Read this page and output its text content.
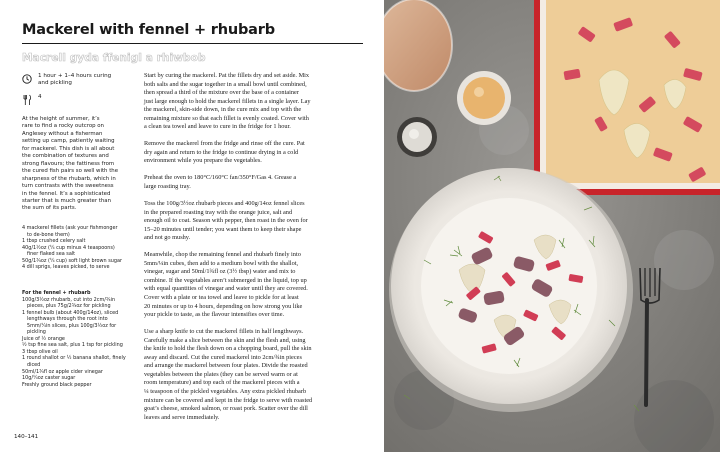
Mackerel with fennel + rhubarb
Macrell gyda ffenigl a rhiwbob
1 hour + 1–4 hours curing
and pickling
4
At the height of summer, it’s
rare to find a rocky outcrop on
Anglesey without a fisherman
setting up camp, patiently waiting
for mackerel. This dish is all about
the combination of textures and
strong flavours; the fattiness from
the cured fish pairs so well with the
sharpness of the rhubarb, which in
turn contrasts with the sweetness
in the fennel. It’s a sophisticated
starter that is much greater than
the sum of its parts.
4 mackerel fillets (ask your fishmonger
to de-bone them)
1 tbsp crushed celery salt
40g/1½oz (¼ cup minus 4 teaspoons)
finer flaked sea salt
50g/1¾oz (¼ cup) soft light brown sugar
4 dill sprigs, leaves picked, to serve
For the fennel + rhubarb
100g/3½oz rhubarb, cut into 2cm/¾in
pieces, plus 75g/2¾oz for pickling
1 fennel bulb (about 400g/14oz), sliced
lengthways through the root into
5mm/¼in slices, plus 100g/3½oz for
pickling
Juice of ½ orange
½ tsp fine sea salt, plus 1 tsp for pickling
3 tbsp olive oil
1 round shallot or ½ banana shallot, finely
diced
50ml/1¾fl oz apple cider vinegar
10g/¼oz caster sugar
Freshly ground black pepper

Start by curing the mackerel. Pat the fillets dry and set aside. Mix
both salts and the sugar together in a small bowl until combined,
then spread a third of the mixture over the base of a container
just large enough to hold the mackerel fillets in a single layer. Lay
the mackerel, skin-side down, in the cure mix and top with the
remaining mixture so that each fillet is evenly coated. Cover with
a clean tea towel and leave to cure in the fridge for 1 hour.

Remove the mackerel from the fridge and rinse off the cure. Pat
dry again and return to the fridge to continue drying in a cold
environment while you prepare the vegetables.

Preheat the oven to 180°C/160°C fan/350°F/Gas 4. Grease a
large roasting tray.

Toss the 100g/3½oz rhubarb pieces and 400g/14oz fennel slices
in the prepared roasting tray with the orange juice, salt and
enough oil to coat. Season with pepper, then roast in the oven for
15–20 minutes until tender; you want them to keep their shape
and not go mushy.

Meanwhile, chop the remaining fennel and rhubarb finely into
5mm/¼in cubes, then add to a medium bowl with the shallot,
vinegar, sugar and 50ml/1¾fl oz (3½ tbsp) water and mix to
combine. If the vegetables aren’t submerged in the liquid, top up
with equal quantities of vinegar and water until they are covered.
Cover with a plate or tea towel and leave to pickle for at least
20 minutes or up to 4 hours, depending on how strong you like
your pickle to taste, as the flavour intensifies over time.

Use a sharp knife to cut the mackerel fillets in half lengthways.
Carefully make a slice between the skin and the flesh and, using
the knife to hold the flesh down on a chopping board, pull the skin
away and discard. Cut the cured mackerel into 2cm/¾in pieces
and arrange the mackerel between four plates. Divide the roasted
vegetables between the plates (they can be served warm or at
room temperature) and top each of the mackerel pieces with a
¼ teaspoon of the pickled vegetables. Any extra pickled rhubarb
mixture can be covered and kept in the fridge to serve with roasted
goat’s cheese, smoked salmon, or roast pork. Scatter over the dill
leaves and serve immediately.

140–141
